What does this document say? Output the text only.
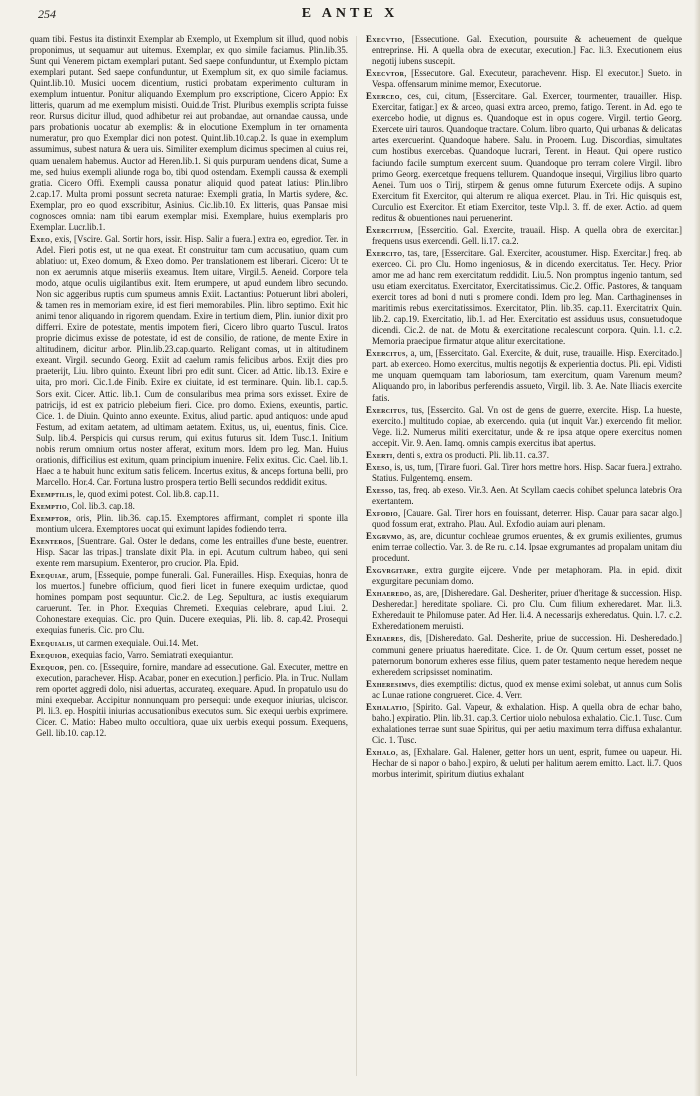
254	E ANTE X

quam tibi. Festus ita distinxit Exemplar ab Exemplo, ut Exemplum sit illud, quod nobis proponimus, ut sequamur aut uitemus. Exemplar, ex quo simile faciamus. Plin.lib.35. Sunt qui Venerem pictam exemplari putant. Sed saepe confunduntur, ut Exemplo pictam exemplari putant. Sed saepe confunduntur, ut Exemplum sit, ex quo simile faciamus. Quint.lib.10. Musici uocem dicentium, rustici probatam experimento culturam in exemplum intuentur. Ponitur aliquando Exemplum pro exscriptione, Cicero Appio: Ex litteris, quarum ad me exemplum misisti. Ouid.de Trist. Pluribus exemplis scripta fuisse reor. Rursus dicitur illud, quod adhibetur rei aut probandae, aut ornandae caussa, unde pars probationis uocatur ab exemplis: & in elocutione Exemplum in ter ornamenta numeratur, pro quo Exemplar dici non potest. Quint.lib.10.cap.2. Is quae in exemplum assumimus, subest natura & uera uis. Similiter exemplum dicimus specimen al cuius rei, quam uenalem habemus. Auctor ad Heren.lib.1. Si quis purpuram uendens dicat, Sume a me, sed huius exempli aliunde roga bo, tibi quod ostendam. Exempli caussa & exempli gratia. Cicero Offi. Exempli caussa ponatur aliquid quod pateat latius: Plin.libro 2.cap.17. Multa promi possunt secreta naturae: Exempli gratia, In Martis sydere, &c. Exemplar, pro eo quod exscribitur, Asinius. Cic.lib.10. Ex litteris, quas Pansae misi cognosces omnia: nam tibi earum exemplar misi. Exemplare, huius exemplaris pro Exemplar. Lucr.lib.1.

Exeo, exis, [Vscire. Gal. Sortir hors, issir. Hisp. Salir a fuera.] extra eo, egredior. Ter. in Adel. Fieri potis est, ut ne qua exeat. Et construitur tam cum accusatiuo, quam cum ablatiuo: ut, Exeo domum, & Exeo domo. Per translationem est liberari. Cicero: Ut te non ex aerumnis atque miseriis exeamus. Item uitare, Virgil.5. Aeneid. Corpore tela modo, atque oculis uigilantibus exit. Item erumpere, ut apud eundem libro secundo. Non sic aggeribus ruptis cum spumeus amnis Exiit. Lactantius: Potuerunt libri aboleri, & tamen res in memoriam exire, id est fieri memorabiles. Plin. libro septimo. Exit hic animi tenor aliquando in rigorem quendam. Exire in tertium diem, Plin. iunior dixit pro differri. Exire de potestate, mentis impotem fieri, Cicero libro quarto Tuscul. Iratos proprie dicimus exisse de potestate, id est de consilio, de ratione, de mente Exire in altitudinem, dicitur arbor. Plin.lib.23.cap.quarto. Religant comas, ut in altitudinem exeant. Virgil. secundo Georg. Exiit ad caelum ramis felicibus arbos. Exijt dies pro praeterijt, Liu. libro quinto. Exeunt libri pro edit sunt. Cicer. ad Attic. lib.13. Exire e uita, pro mori. Cic.1.de Finib. Exire ex ciuitate, id est terminare. Quin. lib.1. cap.5. Sors exit. Cicer. Attic. lib.1. Cum de consularibus mea prima sors exisset. Exire de patricijs, id est ex patricio plebeium fieri. Cice. pro domo. Exiens, exeuntis, partic. Cice. 1. de Diuin. Quinto anno exeunte. Exitus, aliud partic. apud antiquos: unde apud Festum, ad exitam aetatem, ad ultimam aetatem. Exitus, us, ui, euentus, finis. Cice. Sulp. lib.4. Perspicis qui cursus rerum, qui exitus futurus sit. Idem Tusc.1. Initium nobis rerum omnium ortus noster afferat, exitum mors. Idem pro leg. Man. Huius orationis, difficilius est exitum, quam principium inuenire. Felix exitus. Cic. Cael. lib.1. Haec a te habuit hunc exitum satis felicem. Incertus exitus, & anceps fortuna belli, pro Marcello. Hor.4. Car. Fortuna lustro prospera tertio Belli secundos reddidit exitus.

Exemptilis, le, quod eximi potest. Col. lib.8. cap.11.

Exemptio, Col. lib.3. cap.18.

Exemptor, oris, Plin. lib.36. cap.15. Exemptores affirmant, complet ri sponte illa montium ulcera. Exemptores uocat qui eximunt lapides fodiendo terra.

Exenteros, [Suentrare. Gal. Oster le dedans, come les entrailles d'une beste, euentrer. Hisp. Sacar las tripas.] translate dixit Pla. in epi. Acutum cultrum habeo, qui seni exente rem marsupium. Exenteror, pro crucior. Pla. Epid.

Exequiae, arum, [Essequie, pompe funerali. Gal. Funerailles. Hisp. Exequias, honra de los muertos.] funebre officium, quod fieri licet in funere exequim urdictae, quod homines pompam post sequuntur. Cic.2. de Leg. Sepultura, ac iustis exequiarum caruerunt. Ter. in Phor. Exequias Chremeti. Exequias celebrare, apud Liui. 2. Cohonestare exequias. Cic. pro Quin. Ducere exequias, Pli. lib. 8. cap.42. Prosequi exequias funeris. Cic. pro Clu.

Exequialis, ut carmen exequiale. Oui.14. Met.

Exequior, exequias facio, Varro. Semiatrati exequiantur.

Exequor, pen. co. [Essequire, fornire, mandare ad essecutione. Gal. Executer, mettre en execution, parachever. Hisp. Acabar, poner en execution.] perficio. Pla. in Truc. Nullam rem oportet aggredi dolo, nisi aduertas, accurateq. exequare. Apud. In propatulo usu do mini exequebar. Accipitur nonnunquam pro persequi: unde exequor iniurias, ulciscor. Pl. li.3. ep. Hospitii iniurias accusationibus executos sum. Sic exequi uerbis exprimere. Cicer. C. Matio: Habeo multo occultiora, quae uix uerbis exequi possum. Exequens, Gell. lib.10. cap.12.

Execvtio, [Essecutione. Gal. Execution, poursuite & acheuement de quelque entreprinse. Hi. A quella obra de executar, execution.] Fac. li.3. Executionem eius negotij iubens suscepit.

Execvtor, [Essecutore. Gal. Executeur, parachevenr. Hisp. El executor.] Sueto. in Vespa. offensarum minime memor, Executorue.

Exerceo, ces, cui, citum, [Essercitare. Gal. Exercer, tourmenter, trauailler. Hisp. Exercitar, fatigar.] ex & arceo, quasi extra arceo, premo, fatigo. Terent. in Ad. ego te exercebo hodie, ut dignus es. Quandoque est in opus cogere. Virgil. tertio Georg. Exercete uiri tauros. Quandoque tractare. Colum. libro quarto, Qui urbanas & delicatas artes exercuerint. Quandoque habere. Salu. in Prooem. Lug. Discordias, simultates cum hostibus exercebas. Quandoque lucrari, Terent. in Heaut. Qui opere rustico faciundo facile sumptum exercent suum. Quandoque pro terram colere Virgil. libro primo Georg. exercetque frequens tellurem. Quandoque insequi, Virgilius libro quarto Aenei. Tum uos o Tirij, stirpem & genus omne futurum Exercete odijs. A supino Exercitum fit Exercitor, qui alterum re aliqua exercet. Plau. in Tri. Hic quisquis est, Curculio est Exercitor. Et etiam Exercitor, teste Vlp.l. 3. ff. de exer. Actio. ad quem reditus & obuentiones naui peruenerint.

Exercitium, [Essercitio. Gal. Exercite, trauail. Hisp. A quella obra de exercitar.] frequens usus exercendi. Gell. li.17. ca.2.

Exercito, tas, tare, [Essercitare. Gal. Exerciter, acoustumer. Hisp. Exercitar.] freq. ab exerceo. Ci. pro Clu. Homo ingeniosus, & in dicendo exercitatus. Ter. Hecy. Prior amor me ad hanc rem exercitatum reddidit. Liu.5. Non promptus ingenio tantum, sed usu etiam exercitatus. Exercitator, Exercitatissimus. Cic.2. Offic. Pastores, & tanquam exercit tores ad boni d nuti s promere condi. Idem pro leg. Man. Carthaginenses in maritimis rebus exercitatissimos. Exercitator, Plin. lib.35. cap.11. Exercitatrix Quin. lib.2. cap.19. Exercitatio, lib.1. ad Her. Exercitatio est assiduus usus, consuetudoque dicendi. Cic.2. de nat. de Motu & exercitatione recalescunt corpora. Quin. l.1. c.2. Memoria praecipue firmatur atque alitur exercitatione.

Exercitus, a, um, [Essercitato. Gal. Exercite, & duit, ruse, trauaille. Hisp. Exercitado.] part. ab exerceo. Homo exercitus, multis negotijs & experientia doctus. Pli. epi. Vidisti me unquam quemquam tam laboriosum, tam exercitum, quam Varenum meum? Aliquando pro, in laboribus perferendis assueto, Virgil. lib. 3. Ae. Nate Iliacis exercite fatis.

Exercitus, tus, [Essercito. Gal. Vn ost de gens de guerre, exercite. Hisp. La hueste, exercito.] multitudo copiae, ab exercendo. quia (ut inquit Var.) exercendo fit melior. Vege. li.2. Numerus militi exercitatur, unde & re ipsa atque opere exercitus nomen accepit. Vir. 9. Aen. Iamq. omnis campis exercitus ibat apertus.

Exerti, denti s, extra os producti. Pli. lib.11. ca.37.

Exeso, is, us, tum, [Tirare fuori. Gal. Tirer hors mettre hors. Hisp. Sacar fuera.] extraho. Statius. Fulgentemq. ensem.

Exesso, tas, freq. ab exeso. Vir.3. Aen. At Scyllam caecis cohibet spelunca latebris Ora exertantem.

Exfodio, [Cauare. Gal. Tirer hors en fouissant, deterrer. Hisp. Cauar para sacar algo.] quod fossum erat, extraho. Plau. Aul. Exfodio auiam auri plenam.

Exgrvmo, as, are, dicuntur cochleae grumos eruentes, & ex grumis exilientes, grumus enim terrae collectio. Var. 3. de Re ru. c.14. Ipsae exgrumantes ad propalam unitam diu procedunt.

Exgvrgitare, extra gurgite eijcere. Vnde per metaphoram. Pla. in epid. dixit exgurgitare pecuniam domo.

Exhaeredo, as, are, [Disheredare. Gal. Desheriter, priuer d'heritage & succession. Hisp. Desheredar.] hereditate spoliare. Ci. pro Clu. Cum filium exheredaret. Mar. li.3. Exheredauit te Philomuse pater. Ad Her. li.4. A necessarijs exheredatus. Quin. l.7. c.2. Exheredationem meruisti.

Exhaeres, dis, [Disheredato. Gal. Desherite, priue de succession. Hi. Desheredado.] communi genere priuatus haereditate. Cice. 1. de Or. Quum certum esset, posset ne paternorum bonorum exheres esse filius, quem pater testamento neque heredem neque exheredem scripsisset nominatim.

Exheresimvs, dies exemptilis: dictus, quod ex mense eximi solebat, ut annus cum Solis ac Lunae ratione congrueret. Cice. 4. Verr.

Exhalatio, [Spirito. Gal. Vapeur, & exhalation. Hisp. A quella obra de echar baho, baho.] expiratio. Plin. lib.31. cap.3. Certior uiolo nebulosa exhalatio. Cic.1. Tusc. Cum exhalationes terrae sunt suae Spiritus, qui per aetiu maximum terra diffusa exhalantur. Cic. 1. Tusc.

Exhalo, as, [Exhalare. Gal. Halener, getter hors un uent, esprit, fumee ou uapeur. Hi. Hechar de si napor o baho.] expiro, & ueluti per halitum aerem emitto. Lact. li.7. Quos morbus interimit, spiritum diutius exhalant
